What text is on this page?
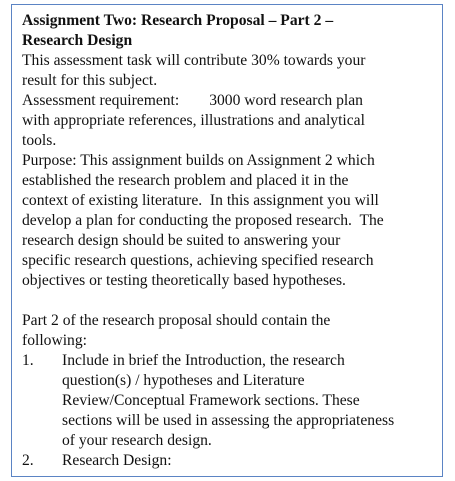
Assignment Two: Research Proposal – Part 2 –
Research Design
This assessment task will contribute 30% towards your
result for this subject.
Assessment requirement: 3000 word research plan
with appropriate references, illustrations and analytical
tools.
Purpose: This assignment builds on Assignment 2 which
established the research problem and placed it in the
context of existing literature.  In this assignment you will
develop a plan for conducting the proposed research.  The
research design should be suited to answering your
specific research questions, achieving specified research
objectives or testing theoretically based hypotheses.
Part 2 of the research proposal should contain the
following:
1. Include in brief the Introduction, the research
question(s) / hypotheses and Literature
Review/Conceptual Framework sections. These
sections will be used in assessing the appropriateness
of your research design.
2. Research Design:
